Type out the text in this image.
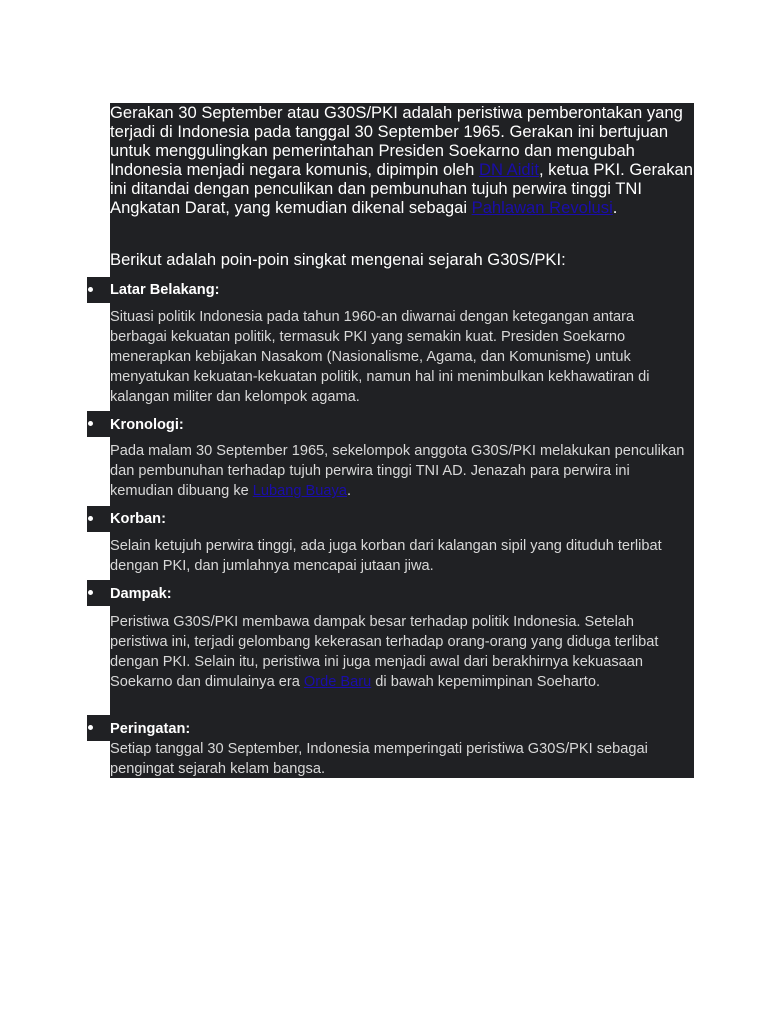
Gerakan 30 September atau G30S/PKI adalah peristiwa pemberontakan yang terjadi di Indonesia pada tanggal 30 September 1965. Gerakan ini bertujuan untuk menggulingkan pemerintahan Presiden Soekarno dan mengubah Indonesia menjadi negara komunis, dipimpin oleh DN Aidit, ketua PKI. Gerakan ini ditandai dengan penculikan dan pembunuhan tujuh perwira tinggi TNI Angkatan Darat, yang kemudian dikenal sebagai Pahlawan Revolusi.

Berikut adalah poin-poin singkat mengenai sejarah G30S/PKI:

Latar Belakang:

Situasi politik Indonesia pada tahun 1960-an diwarnai dengan ketegangan antara berbagai kekuatan politik, termasuk PKI yang semakin kuat. Presiden Soekarno menerapkan kebijakan Nasakom (Nasionalisme, Agama, dan Komunisme) untuk menyatukan kekuatan-kekuatan politik, namun hal ini menimbulkan kekhawatiran di kalangan militer dan kelompok agama.

Kronologi:

Pada malam 30 September 1965, sekelompok anggota G30S/PKI melakukan penculikan dan pembunuhan terhadap tujuh perwira tinggi TNI AD. Jenazah para perwira ini kemudian dibuang ke Lubang Buaya.

Korban:

Selain ketujuh perwira tinggi, ada juga korban dari kalangan sipil yang dituduh terlibat dengan PKI, dan jumlahnya mencapai jutaan jiwa.

Dampak:

Peristiwa G30S/PKI membawa dampak besar terhadap politik Indonesia. Setelah peristiwa ini, terjadi gelombang kekerasan terhadap orang-orang yang diduga terlibat dengan PKI. Selain itu, peristiwa ini juga menjadi awal dari berakhirnya kekuasaan Soekarno dan dimulainya era Orde Baru di bawah kepemimpinan Soeharto.

Peringatan:

Setiap tanggal 30 September, Indonesia memperingati peristiwa G30S/PKI sebagai pengingat sejarah kelam bangsa.
